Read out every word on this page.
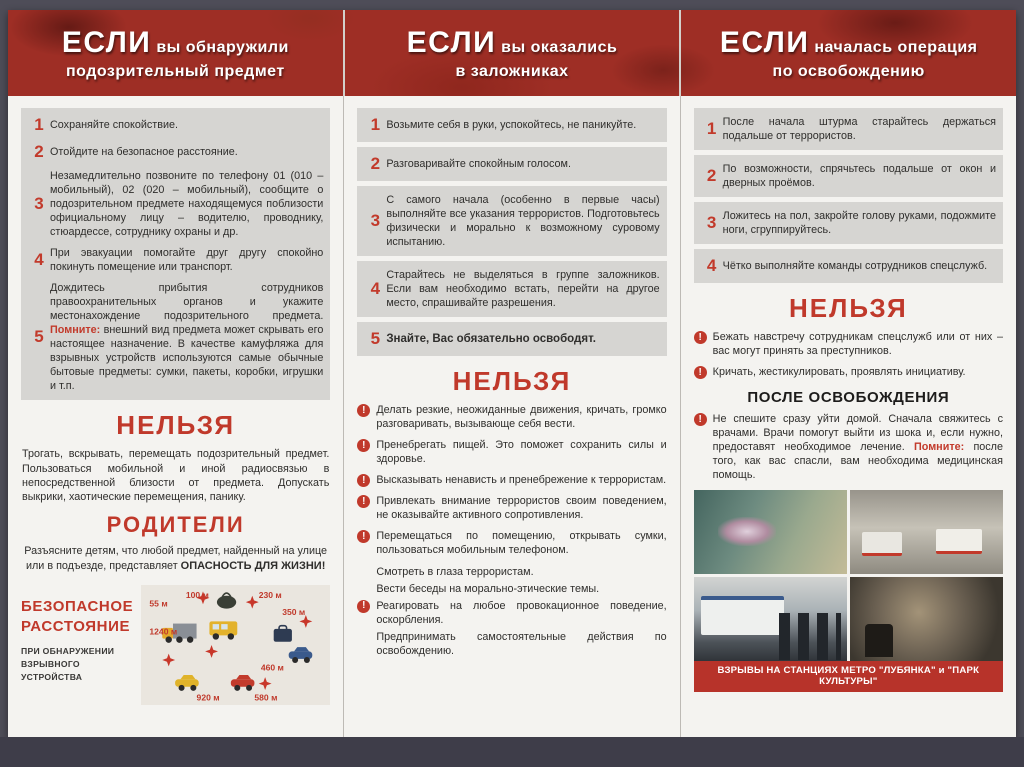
ЕСЛИ вы обнаружили
подозрительный предмет
ЕСЛИ вы оказались
в заложниках
ЕСЛИ началась операция
по освобождению
1 Сохраняйте спокойствие.

2 Отойдите на безопасное расстояние.

3

Незамедлительно позвоните по телефону 01 (010 – мобильный), 02 (020 – мобильный), сообщите о подозрительном предмете находящемуся поблизости официальному лицу – водителю, проводнику, стюардессе, сотруднику охраны и др.

4 При эвакуации помогайте друг другу спокойно покинуть помещение или транспорт.

5

Дождитесь прибытия сотрудников правоохранительных органов и укажите местонахождение подозрительного предмета. Помните: внешний вид предмета может скрывать его настоящее назначение. В качестве камуфляжа для взрывных устройств используются самые обычные бытовые предметы: сумки, пакеты, коробки, игрушки и т.п.

НЕЛЬЗЯ

Трогать, вскрывать, перемещать подозрительный предмет. Пользоваться мобильной и иной радиосвязью в непосредственной близости от предмета. Допускать выкрики, хаотические перемещения, панику.

РОДИТЕЛИ

Разъясните детям, что любой предмет, найденный на улице или в подъезде, представляет ОПАСНОСТЬ ДЛЯ ЖИЗНИ!

БЕЗОПАСНОЕ
РАССТОЯНИЕ
ПРИ ОБНАРУЖЕНИИ
ВЗРЫВНОГО УСТРОЙСТВА
55 м
100 м	230 м
350 м
1240 м
460 м
920 м	580 м
1 Возьмите себя в руки, успокойтесь, не паникуйте.

2 Разговаривайте спокойным голосом.

3

С самого начала (особенно в первые часы) выполняйте все указания террористов. Подготовьтесь физически и морально к возможному суровому испытанию.

4

Старайтесь не выделяться в группе заложников. Если вам необходимо встать, перейти на другое место, спрашивайте разрешения.

5 Знайте, Вас обязательно освободят.

НЕЛЬЗЯ
!	Делать резкие, неожиданные движения, кричать, громко разговаривать, вызывающе себя вести.

!	Пренебрегать пищей. Это поможет сохранить силы и здоровье.

!	Высказывать ненависть и пренебрежение к террористам.

!	Привлекать внимание террористов своим поведением, не оказывайте активного сопротивления.

!	Перемещаться по помещению, открывать сумки, пользоваться мобильным телефоном.

Смотреть в глаза террористам.

Вести беседы на морально-этические темы.

!	Реагировать на любое провокационное поведение, оскорбления.

Предпринимать самостоятельные действия по освобождению.

1 После начала штурма старайтесь держаться подальше от террористов.

2 По возможности, спрячьтесь подальше от окон и дверных проёмов.

3 Ложитесь на пол, закройте голову руками, подожмите ноги, сгруппируйтесь.

4 Чётко выполняйте команды сотрудников спецслужб.

НЕЛЬЗЯ
!	Бежать навстречу сотрудникам спецслужб или от них – вас могут принять за преступников.

!	Кричать, жестикулировать, проявлять инициативу.

ПОСЛЕ ОСВОБОЖДЕНИЯ
!	Не спешите сразу уйти домой. Сначала свяжитесь с врачами. Врачи помогут выйти из шока и, если нужно, предоставят необходимое лечение. Помните: после того, как вас спасли, вам необходима медицинская помощь.

ВЗРЫВЫ НА СТАНЦИЯХ МЕТРО "ЛУБЯНКА" и "ПАРК КУЛЬТУРЫ"
